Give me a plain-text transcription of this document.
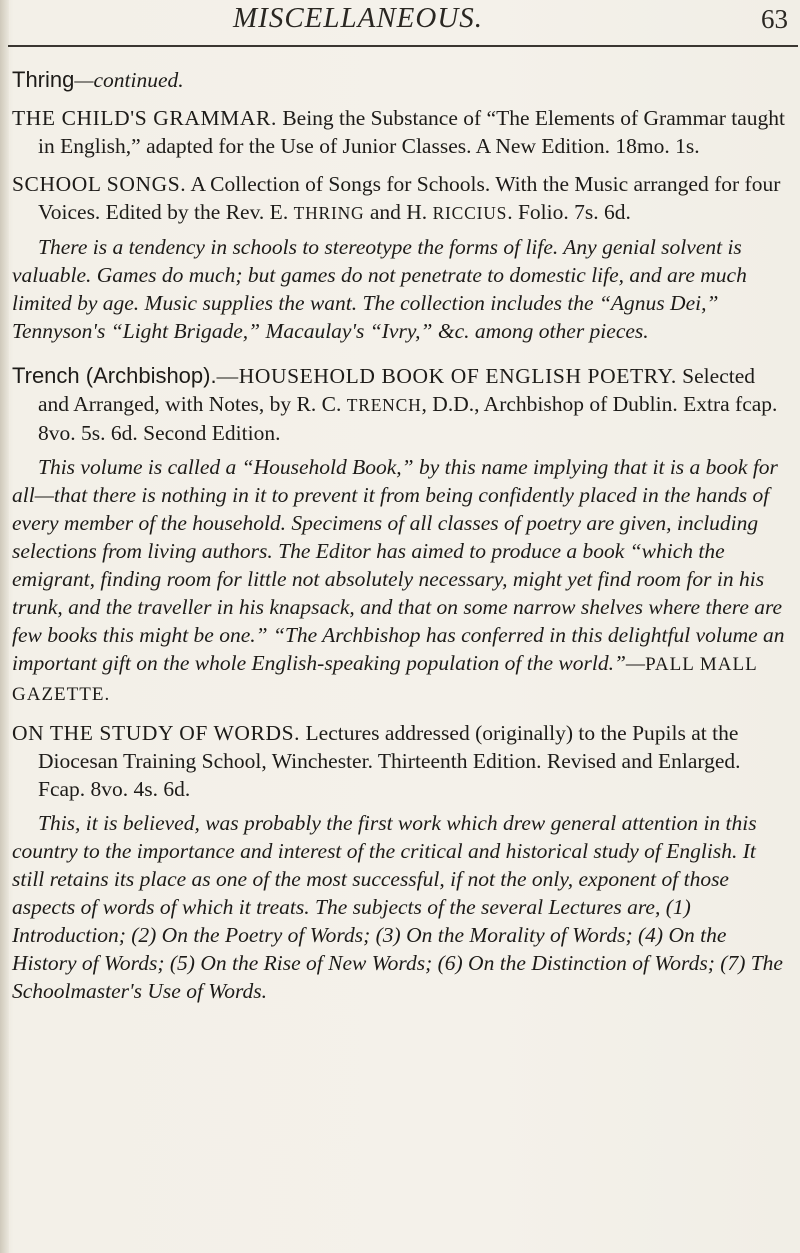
MISCELLANEOUS.	63

Thring—continued.

THE CHILD'S GRAMMAR. Being the Substance of “The Elements of Grammar taught in English,” adapted for the Use of Junior Classes. A New Edition. 18mo. 1s.

SCHOOL SONGS. A Collection of Songs for Schools. With the Music arranged for four Voices. Edited by the Rev. E. THRING and H. RICCIUS. Folio. 7s. 6d.

There is a tendency in schools to stereotype the forms of life. Any genial solvent is valuable. Games do much; but games do not penetrate to domestic life, and are much limited by age. Music supplies the want. The collection includes the “Agnus Dei,” Tennyson's “Light Brigade,” Macaulay's “Ivry,” &c. among other pieces.

Trench (Archbishop).—HOUSEHOLD BOOK OF ENGLISH POETRY. Selected and Arranged, with Notes, by R. C. TRENCH, D.D., Archbishop of Dublin. Extra fcap. 8vo. 5s. 6d. Second Edition.

This volume is called a “Household Book,” by this name implying that it is a book for all—that there is nothing in it to prevent it from being confidently placed in the hands of every member of the household. Specimens of all classes of poetry are given, including selections from living authors. The Editor has aimed to produce a book “which the emigrant, finding room for little not absolutely necessary, might yet find room for in his trunk, and the traveller in his knapsack, and that on some narrow shelves where there are few books this might be one.” “The Archbishop has conferred in this delightful volume an important gift on the whole English-speaking population of the world.”—PALL MALL GAZETTE.

ON THE STUDY OF WORDS. Lectures addressed (originally) to the Pupils at the Diocesan Training School, Winchester. Thirteenth Edition. Revised and Enlarged. Fcap. 8vo. 4s. 6d.

This, it is believed, was probably the first work which drew general attention in this country to the importance and interest of the critical and historical study of English. It still retains its place as one of the most successful, if not the only, exponent of those aspects of words of which it treats. The subjects of the several Lectures are, (1) Introduction; (2) On the Poetry of Words; (3) On the Morality of Words; (4) On the History of Words; (5) On the Rise of New Words; (6) On the Distinction of Words; (7) The Schoolmaster's Use of Words.
